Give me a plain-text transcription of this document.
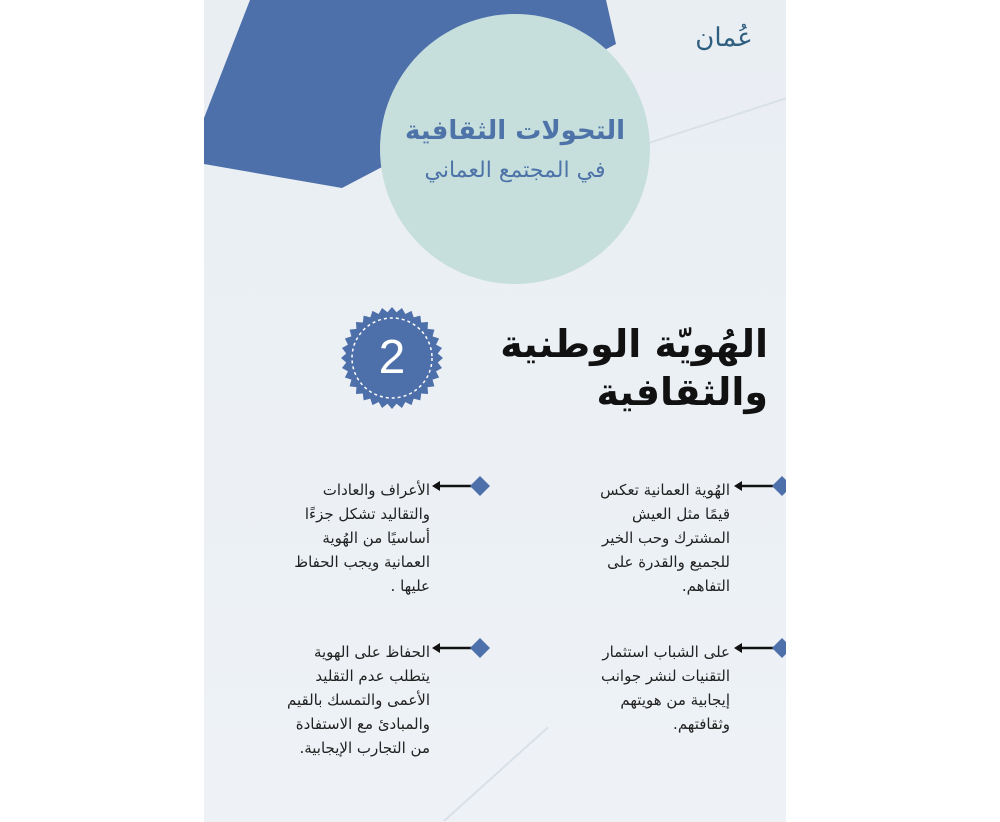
التحولات الثقافية
في المجتمع العماني
عُمان
2	الهُويّة الوطنية
والثقافية
الهُوية العمانية تعكس قيمًا مثل العيش المشترك وحب الخير للجميع والقدرة على التفاهم.
الأعراف والعادات والتقاليد تشكل جزءًا أساسيًا من الهُوية العمانية ويجب الحفاظ عليها .
على الشباب استثمار التقنيات لنشر جوانب إيجابية من هويتهم وثقافتهم.
الحفاظ على الهوية يتطلب عدم التقليد الأعمى والتمسك بالقيم والمبادئ مع الاستفادة من التجارب الإيجابية.
